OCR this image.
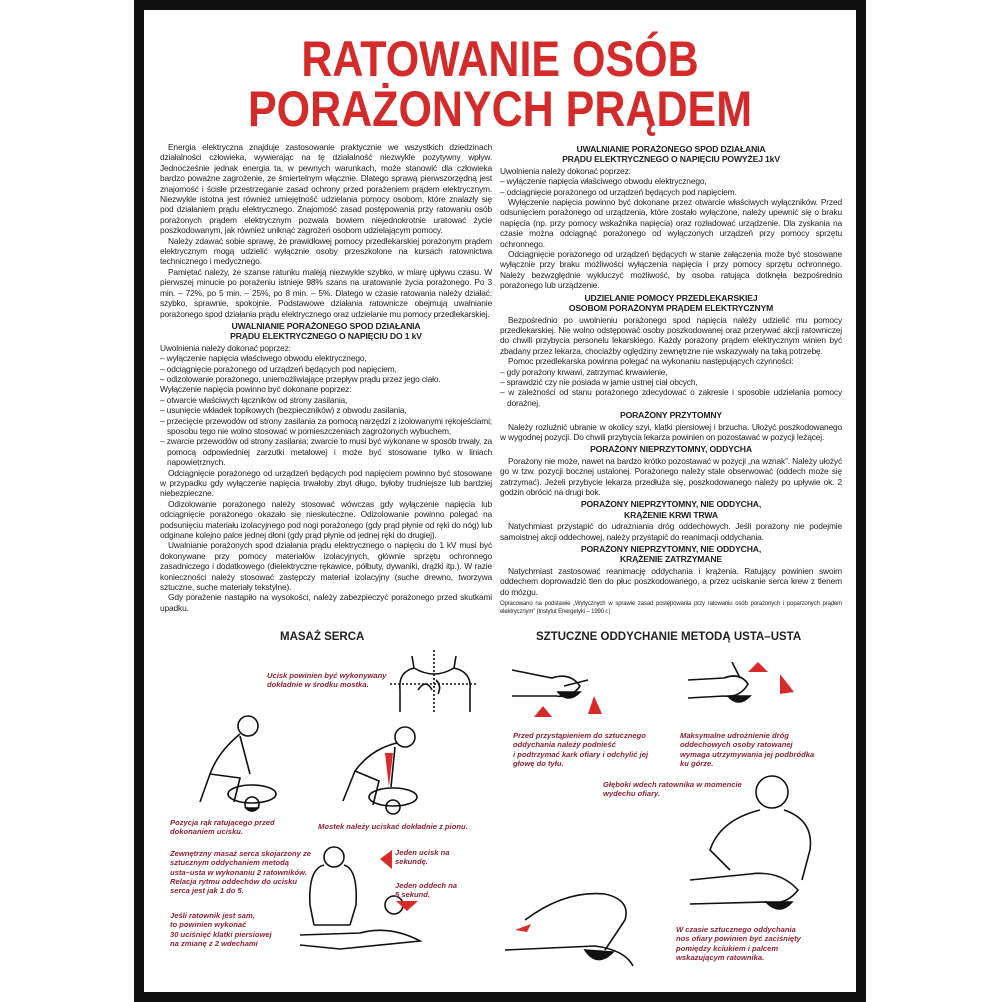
RATOWANIE OSÓB
PORAŻONYCH PRĄDEM

Energia elektryczna znajduje zastosowanie praktycznie we wszystkich dziedzinach działalności człowieka, wywierając na tę działalność niezwykle pozytywny wpływ. Jednocześnie jednak energia ta, w pewnych warunkach, może stanowić dla człowieka bardzo poważne zagrożenie, ze śmiertelnym włącznie. Dlatego sprawą pierwszorzędną jest znajomość i ścisłe przestrzeganie zasad ochrony przed porażeniem prądem elektrycznym. Niezwykle istotna jest również umiejętność udzielania pomocy osobom, które znalazły się pod działaniem prądu elektrycznego. Znajomość zasad postępowania przy ratowaniu osób porażonych prądem elektrycznym pozwala bowiem niejednokrotnie uratować życie poszkodowanym, jak również uniknąć zagrożeń osobom udzielającym pomocy.

Należy zdawać sobie sprawę, że prawidłowej pomocy przedlekarskiej porażonym prądem elektrycznym mogą udzielić wyłącznie osoby przeszkolone na kursach ratownictwa technicznego i medycznego.

Pamiętać należy, że szanse ratunku maleją niezwykle szybko, w miarę upływu czasu. W pierwszej minucie po porażeniu istnieje 98% szans na uratowanie życia porażonego. Po 3 min. – 72%, po 5 min. – 25%, po 8 min. – 5%. Dlatego w czasie ratowania należy działać: szybko, sprawnie, spokojnie. Podstawowe działania ratownicze obejmują uwalnianie porażonego spod działania prądu elektrycznego oraz udzielanie mu pomocy przedlekarskiej.

UWALNIANIE PORAŻONEGO SPOD DZIAŁANIA
PRĄDU ELEKTRYCZNEGO O NAPIĘCIU DO 1 kV

Uwolnienia należy dokonać poprzez:

– wyłączenie napięcia właściwego obwodu elektrycznego,

– odciągnięcie porażonego od urządzeń będących pod napięciem,

– odizolowanie porażonego, uniemożliwiające przepływ prądu przez jego ciało.

Wyłączenie napięcia powinno być dokonane poprzez:

– otwarcie właściwych łączników od strony zasilania,

– usunięcie wkładek topikowych (bezpieczników) z obwodu zasilania,

– przecięcie przewodów od strony zasilania za pomocą narzędzi z izolowanymi rękojeściami; sposobu tego nie wolno stosować w pomieszczeniach zagrożonych wybuchem,

– zwarcie przewodów od strony zasilania; zwarcie to musi być wykonane w sposób trwały, za pomocą odpowiedniej zarzutki metalowej i może być stosowane tylko w liniach napowietrznych.

Odciągnięcie porażonego od urządzeń będących pod napięciem powinno być stosowane w przypadku gdy wyłączenie napięcia trwałoby zbyt długo, byłoby trudniejsze lub bardziej niebezpieczne.

Odizolowanie porażonego należy stosować wówczas gdy wyłączenie napięcia lub odciągnięcie porażonego okazało się nieskuteczne. Odizolowanie powinno polegać na podsunięciu materiału izolacyjnego pod nogi porażonego (gdy prąd płynie od ręki do nóg) lub odginane kolejno palce jednej dłoni (gdy prąd płynie od jednej ręki do drugiej).

Uwalnianie porażonych spod działania prądu elektrycznego o napięciu do 1 kV musi być dokonywane przy pomocy materiałów izolacyjnych, głównie sprzętu ochronnego zasadniczego i dodatkowego (dielektryczne rękawice, półbuty, dywaniki, drążki itp.). W razie konieczności należy stosować zastępczy materiał izolacyjny (suche drewno, tworzywa sztuczne, suche materiały tekstylne).

Gdy porażenie nastąpiło na wysokości, należy zabezpieczyć porażonego przed skutkami upadku.

UWALNIANIE PORAŻONEGO SPOD DZIAŁANIA
PRĄDU ELEKTRYCZNEGO O NAPIĘCIU POWYŻEJ 1kV

Uwolnienia należy dokonać poprzez:

– wyłączenie napięcia właściwego obwodu elektrycznego,

– odciągnięcie porażonego od urządzeń będących pod napięciem.

Wyłączenie napięcia powinno być dokonane przez otwarcie właściwych wyłączników. Przed odsunięciem porażonego od urządzenia, które zostało wyłączone, należy upewnić się o braku napięcia (np. przy pomocy wskaźnika napięcia) oraz rozładować urządzenie. Dla zyskania na czasie można odciągnąć porażonego od wyłączonych urządzeń przy pomocy sprzętu ochronnego.

Odciągnięcie porażonego od urządzeń będących w stanie załączenia może być stosowane wyłącznie przy braku możliwości wyłączenia napięcia i przy pomocy sprzętu ochronnego. Należy bezwzględnie wykluczyć możliwość, by osoba ratująca dotknęła bezpośrednio porażonego lub urządzenie.

UDZIELANIE POMOCY PRZEDLEKARSKIEJ
OSOBOM PORAŻONYM PRĄDEM ELEKTRYCZNYM

Bezpośrednio po uwolnieniu porażonego spod napięcia należy udzielić mu pomocy przedlekarskiej. Nie wolno odstępować osoby poszkodowanej oraz przerywać akcji ratowniczej do chwili przybycia personelu lekarskiego. Każdy porażony prądem elektrycznym winien być zbadany przez lekarza, chociażby oględziny zewnętrzne nie wskazywały na taką potrzebę.

Pomoc przedlekarska powinna polegać na wykonaniu następujących czynności:

– gdy porażony krwawi, zatrzymać krwawienie,

– sprawdzić czy nie posiada w jamie ustnej ciał obcych,

– w zależności od stanu porażonego zdecydować o zakresie i sposobie udzielania pomocy doraźnej.

PORAŻONY PRZYTOMNY

Należy rozluźnić ubranie w okolicy szyi, klatki piersiowej i brzucha. Ułożyć poszkodowanego w wygodnej pozycji. Do chwili przybycia lekarza powinien on pozostawać w pozycji leżącej.

PORAŻONY NIEPRZYTOMNY, ODDYCHA

Porażony nie może, nawet na bardzo krótko pozostawać w pozycji „na wznak”. Należy ułożyć go w tzw. pozycji bocznej ustalonej. Porażonego należy stale obserwować (oddech może się zatrzymać). Jeżeli przybycie lekarza przedłuża się, poszkodowanego należy po upływie ok. 2 godzin obrócić na drugi bok.

PORAŻONY NIEPRZYTOMNY, NIE ODDYCHA,
KRĄŻENIE KRWI TRWA

Natychmiast przystąpić do udrażniania dróg oddechowych. Jeśli porażony nie podejmie samoistnej akcji oddechowej, należy przystąpić do reanimacji oddychania.

PORAŻONY NIEPRZYTOMNY, NIE ODDYCHA,
KRĄŻENIE ZATRZYMANE

Natychmiast zastosować reanimację oddychania i krążenia. Ratujący powinien swoim oddechem doprowadzić tlen do płuc poszkodowanego, a przez uciskanie serca krew z tlenem do mózgu.

Opracowano na podstawie „Wytycznych w sprawie zasad postępowania przy ratowaniu osób porażonych i poparzonych prądem elektrycznym” (Instytut Energetyki – 1990 r.)

MASAŻ SERCA
Ucisk powinien być wykonywany
dokładnie w środku mostka.
Pozycja rąk ratującego przed
dokonaniem ucisku.
Mostek należy uciskać dokładnie z pionu.
Zewnętrzny masaż serca skojarzony ze
sztucznym oddychaniem metodą
usta–usta w wykonaniu 2 ratowników.
Relacja rytmu oddechów do ucisku
serca jest jak 1 do 5.
Jeśli ratownik jest sam,
to powinien wykonać
30 uciśnięć klatki piersiowej
na zmianę z 2 wdechami
Jeden ucisk na
sekundę.
Jeden oddech na
5 sekund.
SZTUCZNE ODDYCHANIE METODĄ USTA–USTA
Przed przystąpieniem do sztucznego
oddychania należy podnieść
i podtrzymać kark ofiary i odchylić jej
głowę do tyłu.
Maksymalne udrożnienie dróg
oddechowych osoby ratowanej
wymaga utrzymywania jej podbródka
ku górze.
Głęboki wdech ratownika w momencie
wydechu ofiary.
W czasie sztucznego oddychania
nos ofiary powinien być zaciśnięty
pomiędzy kciukiem i palcem
wskazującym ratownika.
